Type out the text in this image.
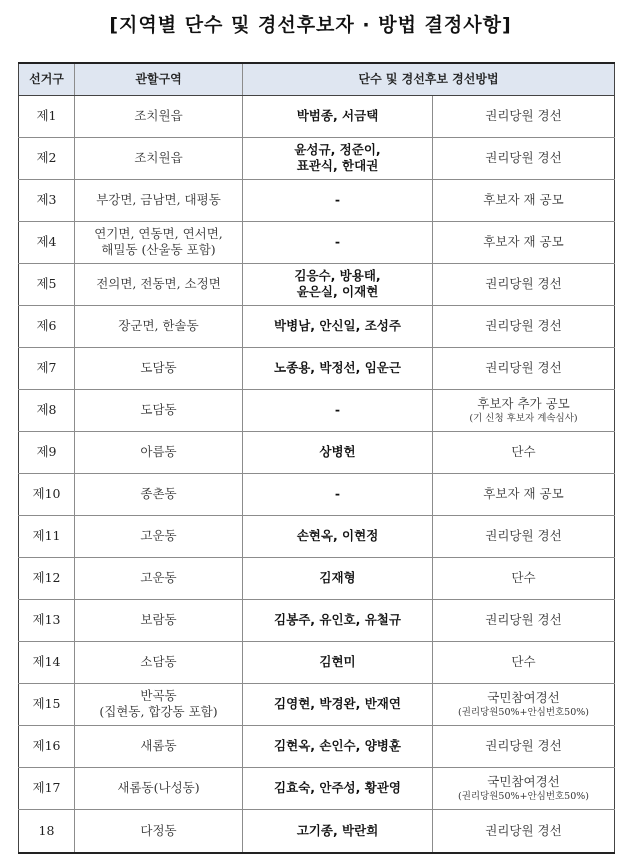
[지역별 단수 및 경선후보자 · 방법 결정사항]
선거구	관할구역	단수 및 경선후보 경선방법	
제1	조치원읍	박범종, 서금택	권리당원 경선

제2	조치원읍	윤성규, 정준이,
표관식, 한대권	권리당원 경선

제3	부강면, 금남면, 대평동	-	후보자 재 공모

제4	연기면, 연동면, 연서면,
해밀동 (산울동 포함)	-	후보자 재 공모

제5	전의면, 전동면, 소정면	김응수, 방용태,
윤은실, 이재현	권리당원 경선

제6	장군면, 한솔동	박병남, 안신일, 조성주	권리당원 경선

제7	도담동	노종용, 박정선, 임운근	권리당원 경선

제8	도담동	-	후보자 추가 공모
(기 신청 후보자 계속심사)

제9	아름동	상병헌	단수

제10	종촌동	-	후보자 재 공모

제11	고운동	손현옥, 이현정	권리당원 경선

제12	고운동	김재형	단수

제13	보람동	김봉주, 유인호, 유철규	권리당원 경선

제14	소담동	김현미	단수

제15	반곡동
(집현동, 합강동 포함)	김영현, 박경완, 반재연	국민참여경선
(권리당원50%+안심번호50%)

제16	새롬동	김현옥, 손인수, 양병훈	권리당원 경선

제17	새롬동(나성동)	김효숙, 안주성, 황관영	국민참여경선
(권리당원50%+안심번호50%)

18	다정동	고기종, 박란희	권리당원 경선
